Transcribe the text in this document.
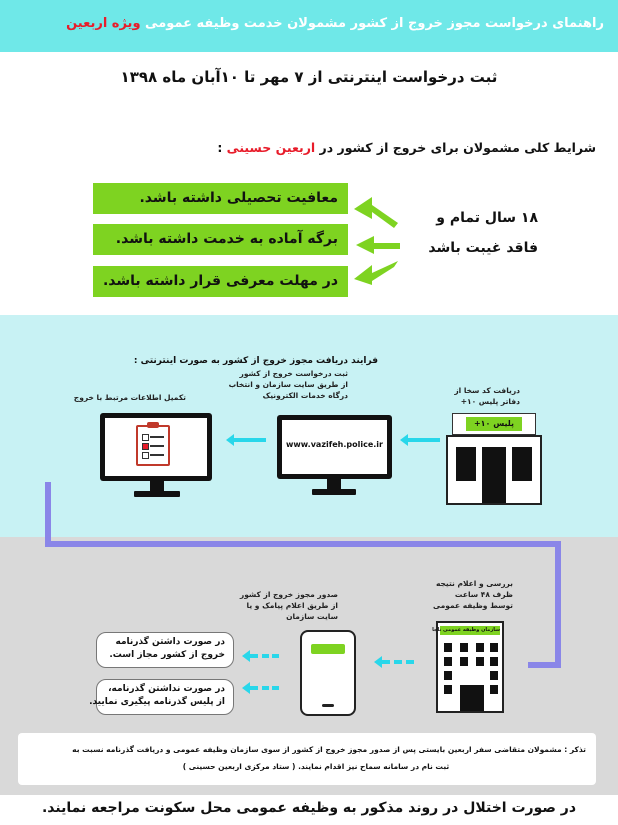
راهنمای درخواست مجوز خروج از کشور مشمولان خدمت وظیفه عمومی ویژه اربعین
ثبت درخواست اینترنتی از ۷ مهر تا ۱۰آبان ماه ۱۳۹۸
شرایط کلی مشمولان برای خروج از کشور در اربعین حسینی :
معافیت تحصیلی داشته باشد.
برگه آماده به خدمت داشته باشد.
در مهلت معرفی قرار داشته باشد.
۱۸ سال تمام و
فاقد غیبت باشد
فرایند دریافت مجوز خروج از کشور به صورت اینترنتی :
دریافت کد سخا از
دفاتر پلیس ۱۰+
پلیس ۱۰+
ثبت درخواست خروج از کشور
از طریق سایت سازمان و انتخاب
درگاه خدمات الکترونیک
www.vazifeh.police.ir
تکمیل اطلاعات مرتبط با خروج
بررسی و اعلام نتیجه
ظرف ۴۸ ساعت
توسط وظیفه عمومی
سازمان وظیفه عمومی ناجا
صدور مجوز خروج از کشور
از طریق اعلام پیامک و یا
سایت سازمان
در صورت داشتن گذرنامه
خروج از کشور مجاز است.
در صورت نداشتن گذرنامه،
از پلیس گذرنامه پیگیری نمایید.
تذکر : مشمولان متقاضی سفر اربعین بایستی پس از صدور مجوز خروج از کشور از سوی سازمان وظیفه عمومی و دریافت گذرنامه نسبت به
ثبت نام در سامانه سماح نیز اقدام نمایند. ( ستاد مرکزی اربعین حسینی )
در صورت اختلال در روند مذکور به وظیفه عمومی محل سکونت مراجعه نمایند.
